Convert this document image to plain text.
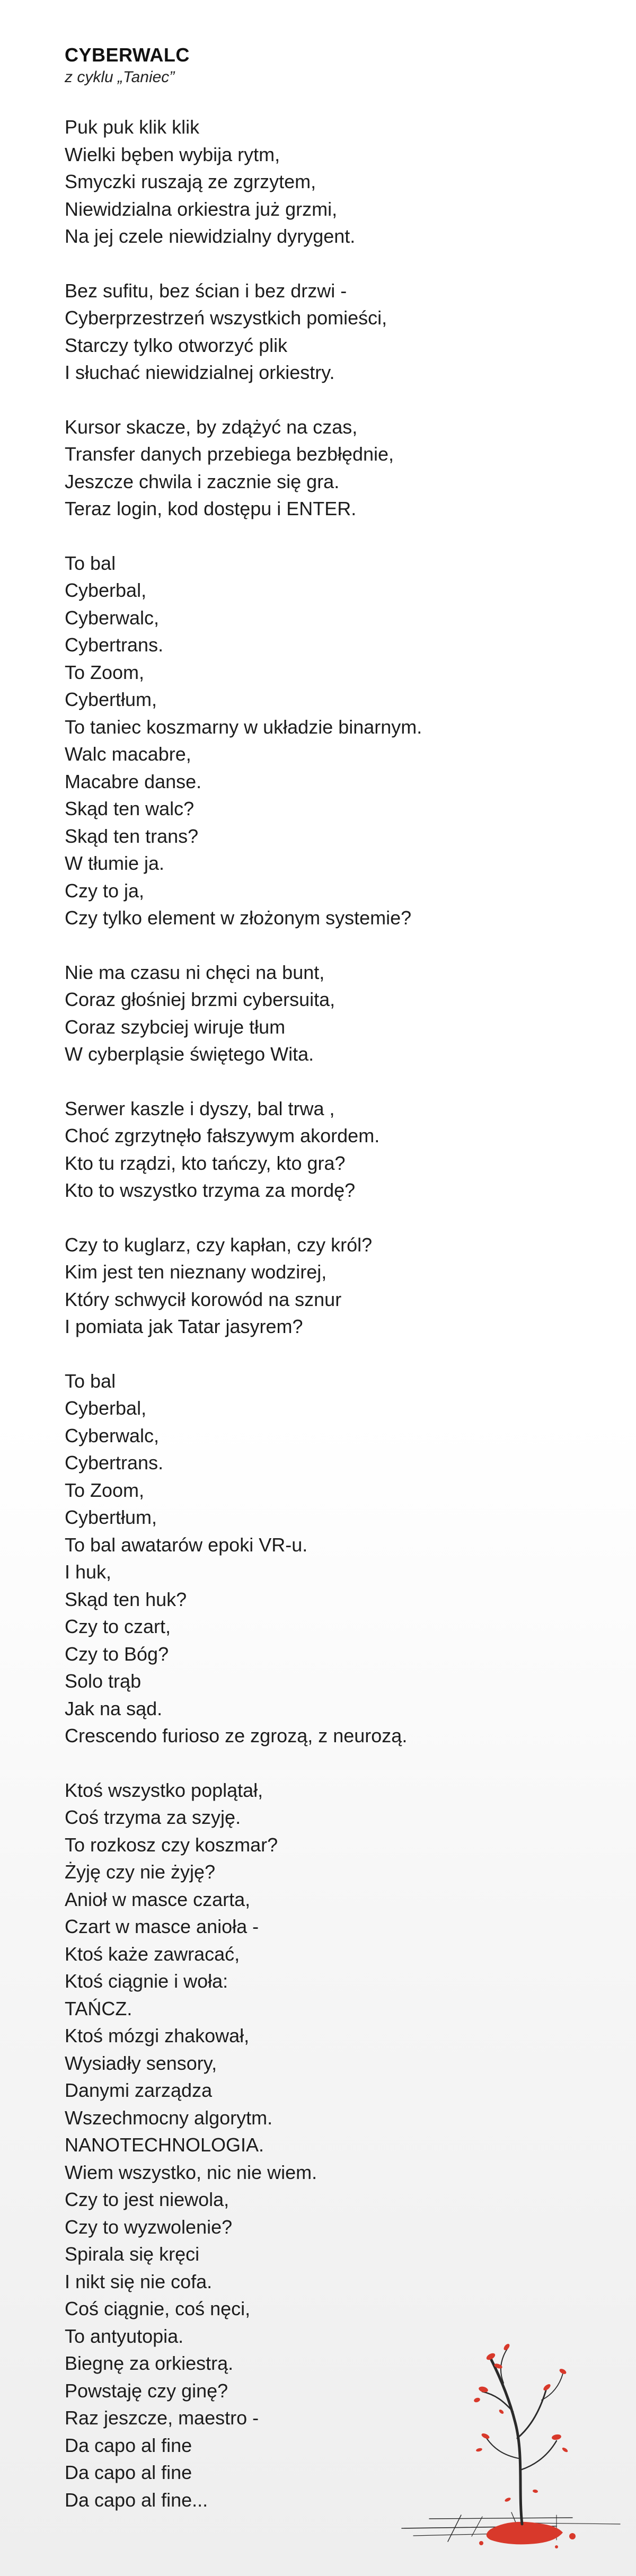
CYBERWALC

z cyklu „Taniec”

Puk puk klik klik
Wielki bęben wybija rytm,
Smyczki ruszają ze zgrzytem,
Niewidzialna orkiestra już grzmi,
Na jej czele niewidzialny dyrygent.
Bez sufitu, bez ścian i bez drzwi -
Cyberprzestrzeń wszystkich pomieści,
Starczy tylko otworzyć plik
I słuchać niewidzialnej orkiestry.
Kursor skacze, by zdążyć na czas,
Transfer danych przebiega bezbłędnie,
Jeszcze chwila i zacznie się gra.
Teraz login, kod dostępu i ENTER.
To bal
Cyberbal,
Cyberwalc,
Cybertrans.
To Zoom,
Cybertłum,
To taniec koszmarny w układzie binarnym.
Walc macabre,
Macabre danse.
Skąd ten walc?
Skąd ten trans?
W tłumie ja.
Czy to ja,
Czy tylko element w złożonym systemie?
Nie ma czasu ni chęci na bunt,
Coraz głośniej brzmi cybersuita,
Coraz szybciej wiruje tłum
W cyberpląsie świętego Wita.
Serwer kaszle i dyszy, bal trwa ,
Choć zgrzytnęło fałszywym akordem.
Kto tu rządzi, kto tańczy, kto gra?
Kto to wszystko trzyma za mordę?
Czy to kuglarz, czy kapłan, czy król?
Kim jest ten nieznany wodzirej,
Który schwycił korowód na sznur
I pomiata jak Tatar jasyrem?
To bal
Cyberbal,
Cyberwalc,
Cybertrans.
To Zoom,
Cybertłum,
To bal awatarów epoki VR-u.
I huk,
Skąd ten huk?
Czy to czart,
Czy to Bóg?
Solo trąb
Jak na sąd.
Crescendo furioso ze zgrozą, z neurozą.
Ktoś wszystko poplątał,
Coś trzyma za szyję.
To rozkosz czy koszmar?
Żyję czy nie żyję?
Anioł w masce czarta,
Czart w masce anioła -
Ktoś każe zawracać,
Ktoś ciągnie i woła:
TAŃCZ.
Ktoś mózgi zhakował,
Wysiadły sensory,
Danymi zarządza
Wszechmocny algorytm.
NANOTECHNOLOGIA.
Wiem wszystko, nic nie wiem.
Czy to jest niewola,
Czy to wyzwolenie?
Spirala się kręci
I nikt się nie cofa.
Coś ciągnie, coś nęci,
To antyutopia.
Biegnę za orkiestrą.
Powstaję czy ginę?
Raz jeszcze, maestro -
Da capo al fine
Da capo al fine
Da capo al fine...
